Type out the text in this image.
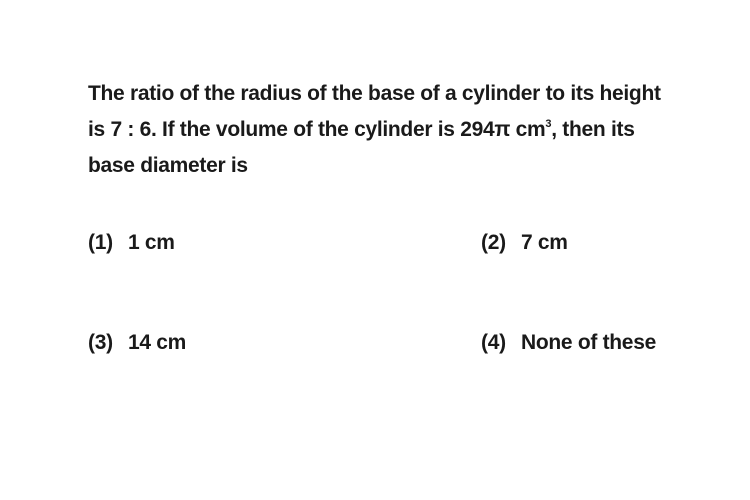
The ratio of the radius of the base of a cylinder to its height
is 7 : 6. If the volume of the cylinder is 294π $cm^3$, then its
base diameter is
(1) 1 cm	(2) 7 cm
(3) 14 cm	(4) None of these
